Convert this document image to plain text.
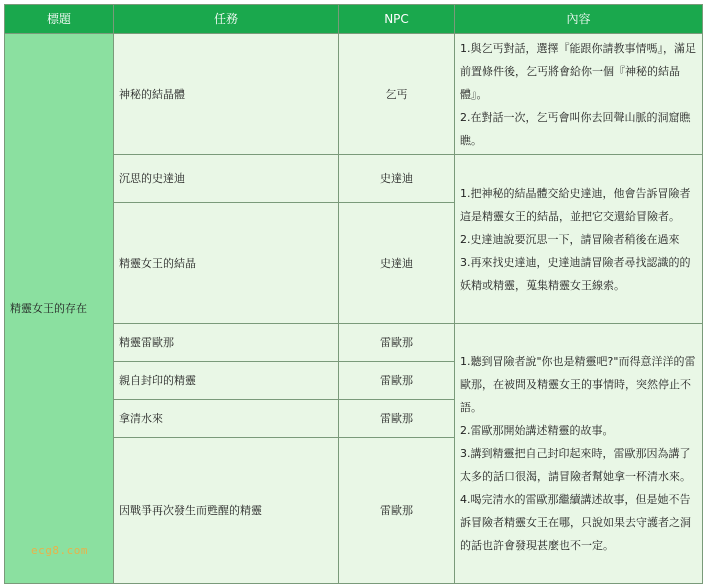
標題	任務	NPC	內容
精靈女王的存在	神秘的結晶體	乞丐	1.與乞丐對話，選擇『能跟你請教事情嗎』，滿足前置條件後，乞丐將會給你一個『神秘的結晶體』。

2.在對話一次，乞丐會叫你去回聲山脈的洞窟瞧瞧。

	沉思的史達迪	史達迪	1.把神秘的結晶體交給史達迪，他會告訴冒險者這是精靈女王的結晶，並把它交還給冒險者。

2.史達迪說要沉思一下，請冒險者稍後在過來

3.再來找史達迪，史達迪請冒險者尋找認識的的妖精或精靈，蒐集精靈女王線索。

	精靈女王的結晶	史達迪	
	精靈雷歐那	雷歐那	1.聽到冒險者說"你也是精靈吧?"而得意洋洋的雷歐那，在被問及精靈女王的事情時，突然停止不語。

2.雷歐那開始講述精靈的故事。

3.講到精靈把自己封印起來時，雷歐那因為講了太多的話口很渴，請冒險者幫她拿一杯清水來。

4.喝完清水的雷歐那繼續講述故事，但是她不告訴冒險者精靈女王在哪，只說如果去守護者之洞的話也許會發現甚麼也不一定。

	親自封印的精靈	雷歐那	
	拿清水來	雷歐那	
	因戰爭再次發生而甦醒的精靈	雷歐那	
ecg8.com
